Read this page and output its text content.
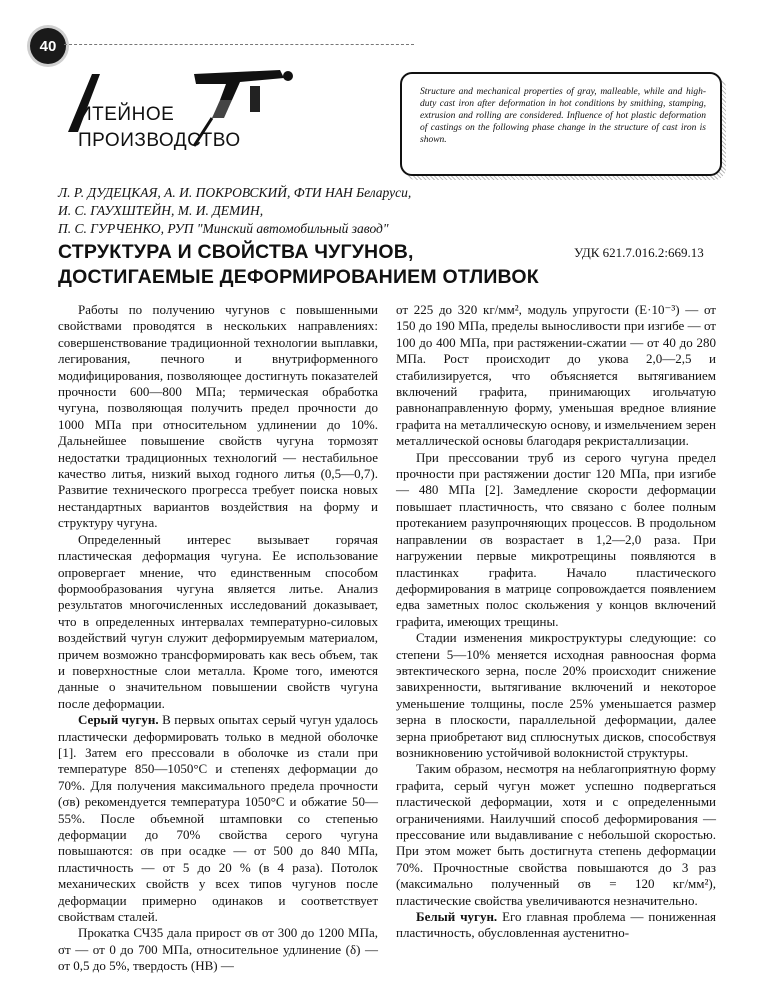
40
ИТЕЙНОЕ
ПРОИЗВОДСТВО
Structure and mechanical properties of gray, malleable, while and high-duty cast iron after deformation in hot conditions by smithing, stamping, extrusion and rolling are considered. Influence of hot plastic deformation of castings on the following phase change in the structure of cast iron is shown.
Л. Р. ДУДЕЦКАЯ, А. И. ПОКРОВСКИЙ, ФТИ НАН Беларуси,
И. С. ГАУХШТЕЙН, М. И. ДЕМИН,
П. С. ГУРЧЕНКО, РУП "Минский автомобильный завод"
СТРУКТУРА И СВОЙСТВА ЧУГУНОВ,
ДОСТИГАЕМЫЕ ДЕФОРМИРОВАНИЕМ ОТЛИВОК
УДК 621.7.016.2:669.13

Работы по получению чугунов с повышенными свойствами проводятся в нескольких направлениях: совершенствование традиционной технологии выплавки, легирования, печного и внутриформенного модифицирования, позволяющее достигнуть показателей прочности 600—800 МПа; термическая обработка чугуна, позволяющая получить предел прочности до 1000 МПа при относительном удлинении до 10%. Дальнейшее повышение свойств чугуна тормозят недостатки традиционных технологий — нестабильное качество литья, низкий выход годного литья (0,5—0,7). Развитие технического прогресса требует поиска новых нестандартных вариантов воздействия на форму и структуру чугуна.

Определенный интерес вызывает горячая пластическая деформация чугуна. Ее использование опровергает мнение, что единственным способом формообразования чугуна является литье. Анализ результатов многочисленных исследований доказывает, что в определенных интервалах температурно-силовых воздействий чугун служит деформируемым материалом, причем возможно трансформировать как весь объем, так и поверхностные слои металла. Кроме того, имеются данные о значительном повышении свойств чугуна после деформации.

Серый чугун. В первых опытах серый чугун удалось пластически деформировать только в медной оболочке [1]. Затем его прессовали в оболочке из стали при температуре 850—1050°С и степенях деформации до 70%. Для получения максимального предела прочности (σв) рекомендуется температура 1050°С и обжатие 50—55%. После объемной штамповки со степенью деформации до 70% свойства серого чугуна повышаются: σв при осадке — от 500 до 840 МПа, пластичность — от 5 до 20 % (в 4 раза). Потолок механических свойств у всех типов чугунов после деформации примерно одинаков и соответствует свойствам сталей.

Прокатка СЧ35 дала прирост σв от 300 до 1200 МПа, σт — от 0 до 700 МПа, относительное удлинение (δ) — от 0,5 до 5%, твердость (НВ) —

от 225 до 320 кг/мм², модуль упругости (E·10⁻³) — от 150 до 190 МПа, пределы выносливости при изгибе — от 100 до 400 МПа, при растяжении-сжатии — от 40 до 280 МПа. Рост происходит до укова 2,0—2,5 и стабилизируется, что объясняется вытягиванием включений графита, принимающих игольчатую равнонаправленную форму, уменьшая вредное влияние графита на металлическую основу, и измельчением зерен металлической основы благодаря рекристаллизации.

При прессовании труб из серого чугуна предел прочности при растяжении достиг 120 МПа, при изгибе — 480 МПа [2]. Замедление скорости деформации повышает пластичность, что связано с более полным протеканием разупрочняющих процессов. В продольном направлении σв возрастает в 1,2—2,0 раза. При нагружении первые микротрещины появляются в пластинках графита. Начало пластического деформирования в матрице сопровождается появлением едва заметных полос скольжения у концов включений графита, имеющих трещины.

Стадии изменения микроструктуры следующие: со степени 5—10% меняется исходная равноосная форма эвтектического зерна, после 20% происходит снижение завихренности, вытягивание включений и некоторое уменьшение толщины, после 25% уменьшается размер зерна в плоскости, параллельной деформации, далее зерна приобретают вид сплюснутых дисков, способствуя возникновению устойчивой волокнистой структуры.

Таким образом, несмотря на неблагоприятную форму графита, серый чугун может успешно подвергаться пластической деформации, хотя и с определенными ограничениями. Наилучший способ деформирования — прессование или выдавливание с небольшой скоростью. При этом может быть достигнута степень деформации 70%. Прочностные свойства повышаются до 3 раз (максимально полученный σв = 120 кг/мм²), пластические свойства увеличиваются незначительно.

Белый чугун. Его главная проблема — пониженная пластичность, обусловленная аустенитно-
